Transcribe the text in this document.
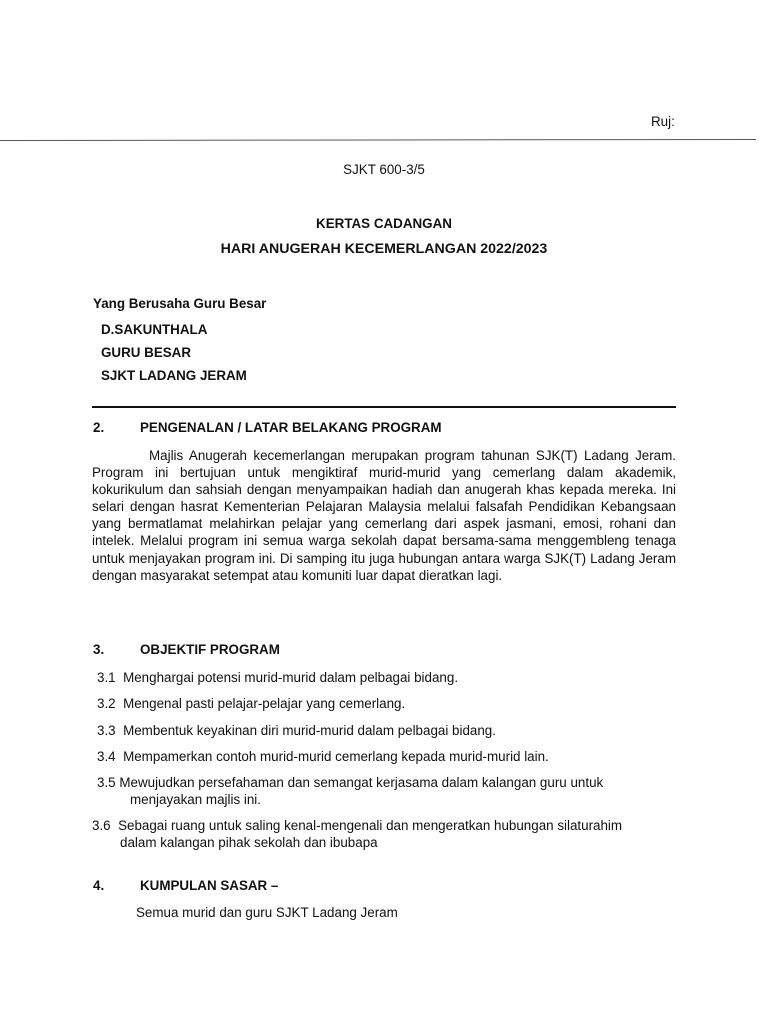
Ruj:
SJKT 600-3/5
KERTAS CADANGAN
HARI ANUGERAH KECEMERLANGAN 2022/2023
Yang Berusaha Guru Besar
D.SAKUNTHALA
GURU BESAR
SJKT LADANG JERAM
2.	PENGENALAN / LATAR BELAKANG PROGRAM
Majlis Anugerah kecemerlangan merupakan program tahunan SJK(T) Ladang Jeram. Program ini bertujuan untuk mengiktiraf murid-murid yang cemerlang dalam akademik, kokurikulum dan sahsiah dengan menyampaikan hadiah dan anugerah khas kepada mereka. Ini selari dengan hasrat Kementerian Pelajaran Malaysia melalui falsafah Pendidikan Kebangsaan yang bermatlamat melahirkan pelajar yang cemerlang dari aspek jasmani, emosi, rohani dan intelek. Melalui program ini semua warga sekolah dapat bersama-sama menggembleng tenaga untuk menjayakan program ini. Di samping itu juga hubungan antara warga SJK(T) Ladang Jeram dengan masyarakat setempat atau komuniti luar dapat dieratkan lagi.
3.	OBJEKTIF PROGRAM
3.1 Menghargai potensi murid-murid dalam pelbagai bidang.
3.2 Mengenal pasti pelajar-pelajar yang cemerlang.
3.3 Membentuk keyakinan diri murid-murid dalam pelbagai bidang.
3.4 Mempamerkan contoh murid-murid cemerlang kepada murid-murid lain.
3.5 Mewujudkan persefahaman dan semangat kerjasama dalam kalangan guru untuk
menjayakan majlis ini.
3.6 Sebagai ruang untuk saling kenal-mengenali dan mengeratkan hubungan silaturahim
dalam kalangan pihak sekolah dan ibubapa
4.	KUMPULAN SASAR –
Semua murid dan guru SJKT Ladang Jeram
